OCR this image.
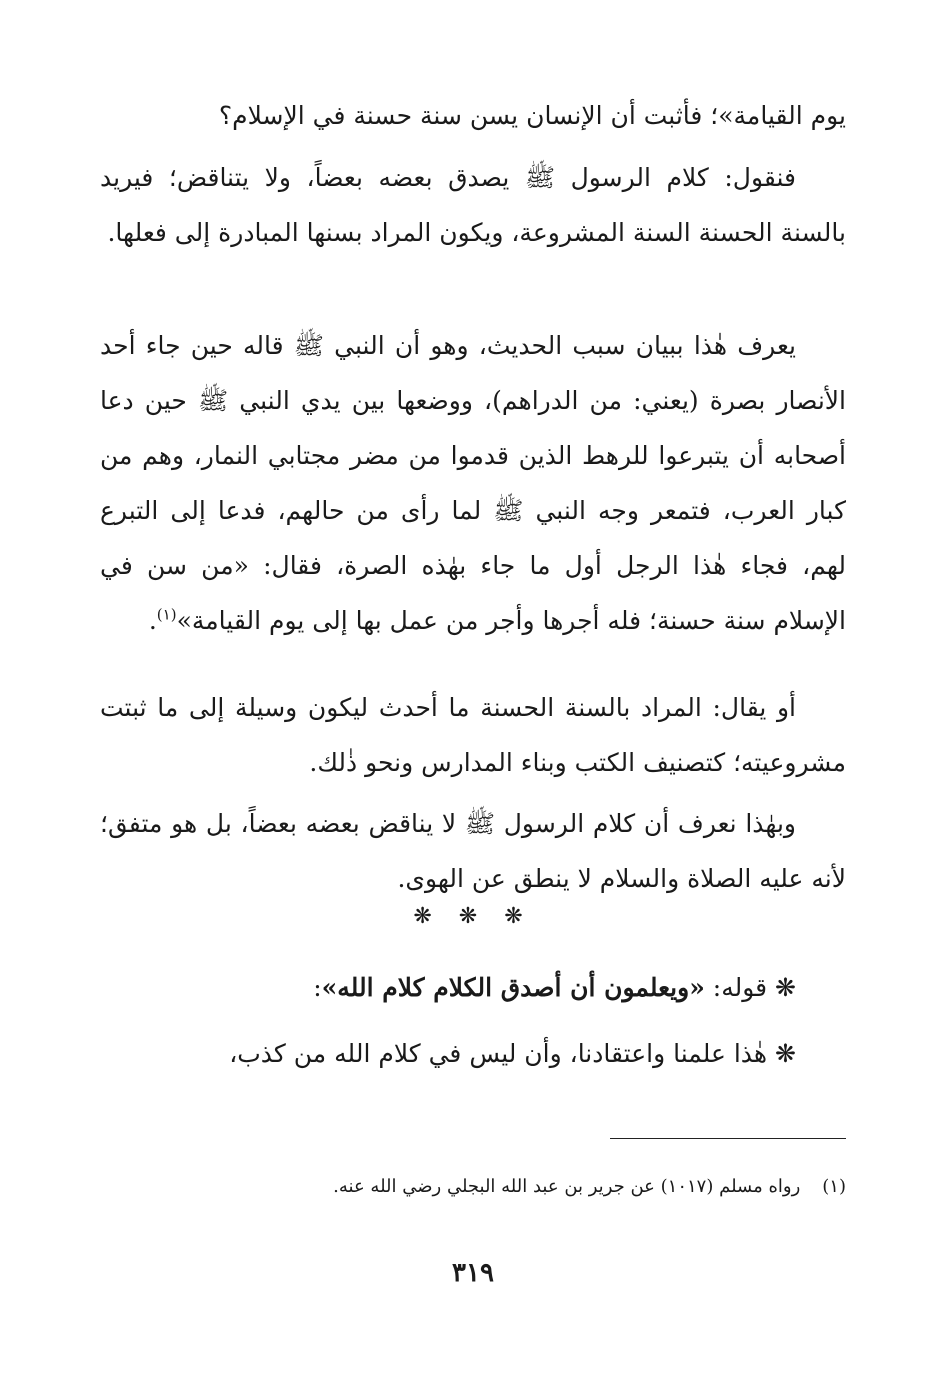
يوم القيامة»؛ فأثبت أن الإنسان يسن سنة حسنة في الإسلام؟

فنقول: كلام الرسول ﷺ يصدق بعضه بعضاً، ولا يتناقض؛ فيريد بالسنة الحسنة السنة المشروعة، ويكون المراد بسنها المبادرة إلى فعلها.

يعرف هٰذا ببيان سبب الحديث، وهو أن النبي ﷺ قاله حين جاء أحد الأنصار بصرة (يعني: من الدراهم)، ووضعها بين يدي النبي ﷺ حين دعا أصحابه أن يتبرعوا للرهط الذين قدموا من مضر مجتابي النمار، وهم من كبار العرب، فتمعر وجه النبي ﷺ لما رأى من حالهم، فدعا إلى التبرع لهم، فجاء هٰذا الرجل أول ما جاء بهٰذه الصرة، فقال: «من سن في الإسلام سنة حسنة؛ فله أجرها وأجر من عمل بها إلى يوم القيامة»$^{(١)}$.

أو يقال: المراد بالسنة الحسنة ما أحدث ليكون وسيلة إلى ما ثبتت مشروعيته؛ كتصنيف الكتب وبناء المدارس ونحو ذٰلك.

وبهٰذا نعرف أن كلام الرسول ﷺ لا يناقض بعضه بعضاً، بل هو متفق؛ لأنه عليه الصلاة والسلام لا ينطق عن الهوى.

❋ ❋ ❋

❋ قوله: «ويعلمون أن أصدق الكلام كلام الله»:

❋ هٰذا علمنا واعتقادنا، وأن ليس في كلام الله من كذب،

(١)رواه مسلم (١٠١٧) عن جرير بن عبد الله البجلي رضي الله عنه.

٣١٩
